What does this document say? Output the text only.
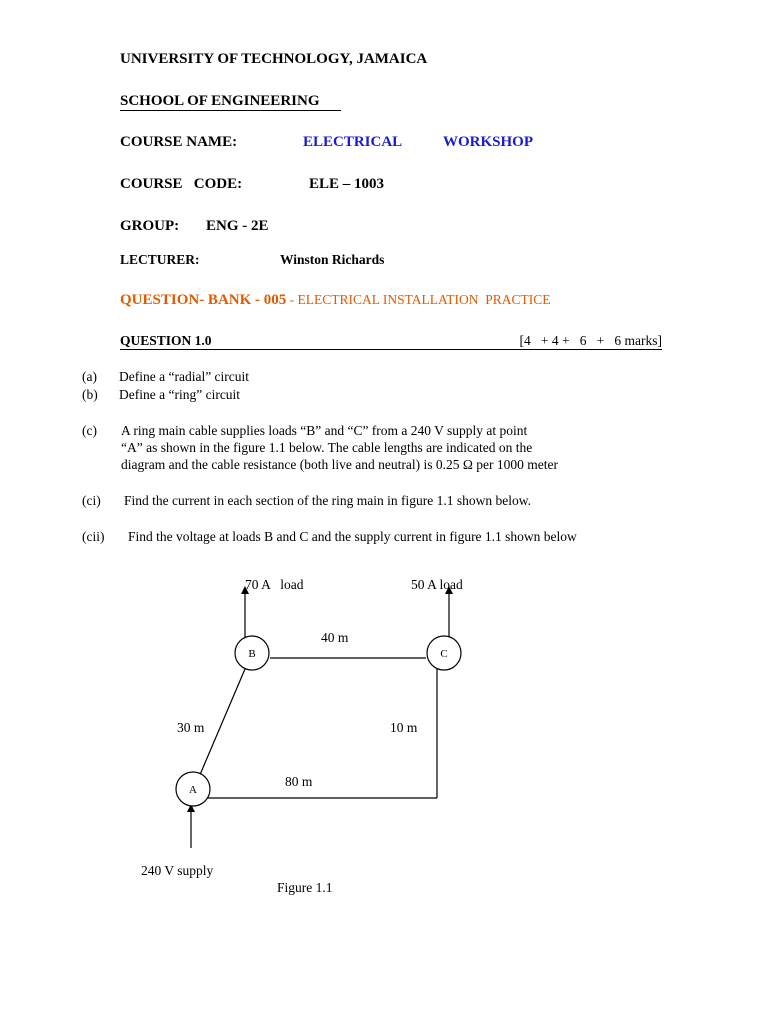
UNIVERSITY OF TECHNOLOGY, JAMAICA
SCHOOL OF ENGINEERING
COURSE NAME:	ELECTRICAL	WORKSHOP
COURSE   CODE:	ELE – 1003
GROUP: ENG - 2E
LECTURER:	Winston Richards
QUESTION- BANK - 005 - ELECTRICAL INSTALLATION  PRACTICE
QUESTION 1.0	[4   + 4 +   6   +   6 marks]
(a) Define a “radial” circuit
(b) Define a “ring” circuit
(c) A ring main cable supplies loads “B” and “C” from a 240 V supply at point
“A” as shown in the figure 1.1 below. The cable lengths are indicated on the
diagram and the cable resistance (both live and neutral) is 0.25 Ω per 1000 meter
(ci) Find the current in each section of the ring main in figure 1.1 shown below.
(cii) Find the voltage at loads B and C and the supply current in figure 1.1 shown below
B	C
A
70 A   load	50 A load
40 m
30 m	10 m
80 m
240 V supply
Figure 1.1
